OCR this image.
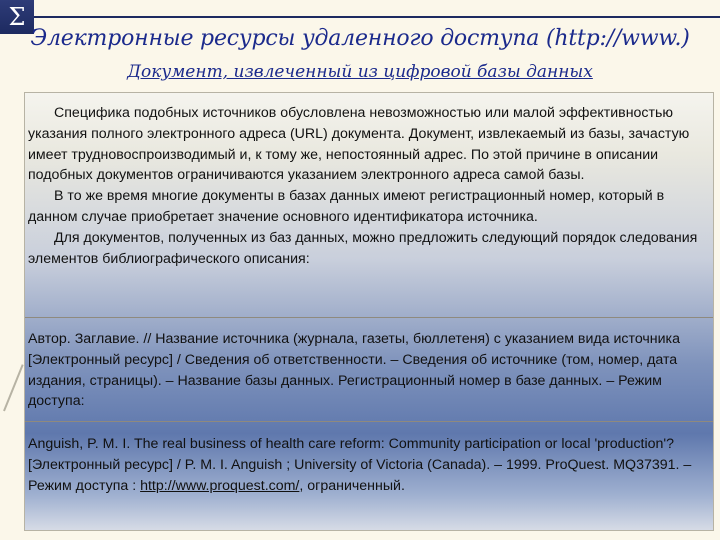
Σ
Электронные ресурсы удаленного доступа (http://www.)
Документ, извлеченный из цифровой базы данных

Специфика подобных источников обусловлена невозможностью или малой эффективностью указания полного электронного адреса (URL) документа. Документ, извлекаемый из базы, зачастую имеет трудновоспроизводимый и, к тому же, непостоянный адрес. По этой причине в описании подобных документов ограничиваются указанием электронного адреса самой базы.

В то же время многие документы в базах данных имеют регистрационный номер, который в данном случае приобретает значение основного идентификатора источника.

Для документов, полученных из баз данных, можно предложить следующий порядок следования элементов библиографического описания:

Автор. Заглавие. // Название источника (журнала, газеты, бюллетеня) с указанием вида источника [Электронный ресурс] / Сведения об ответственности. – Сведения об источнике (том, номер, дата издания, страницы). – Название базы данных. Регистрационный номер в базе данных. – Режим доступа:

Anguish, P. M. I. The real business of health care reform: Community participation or local 'production'? [Электронный ресурс] / P. M. I. Anguish ; University of Victoria (Canada). – 1999. ProQuest. MQ37391. – Режим доступа : http://www.proquest.com/, ограниченный.
